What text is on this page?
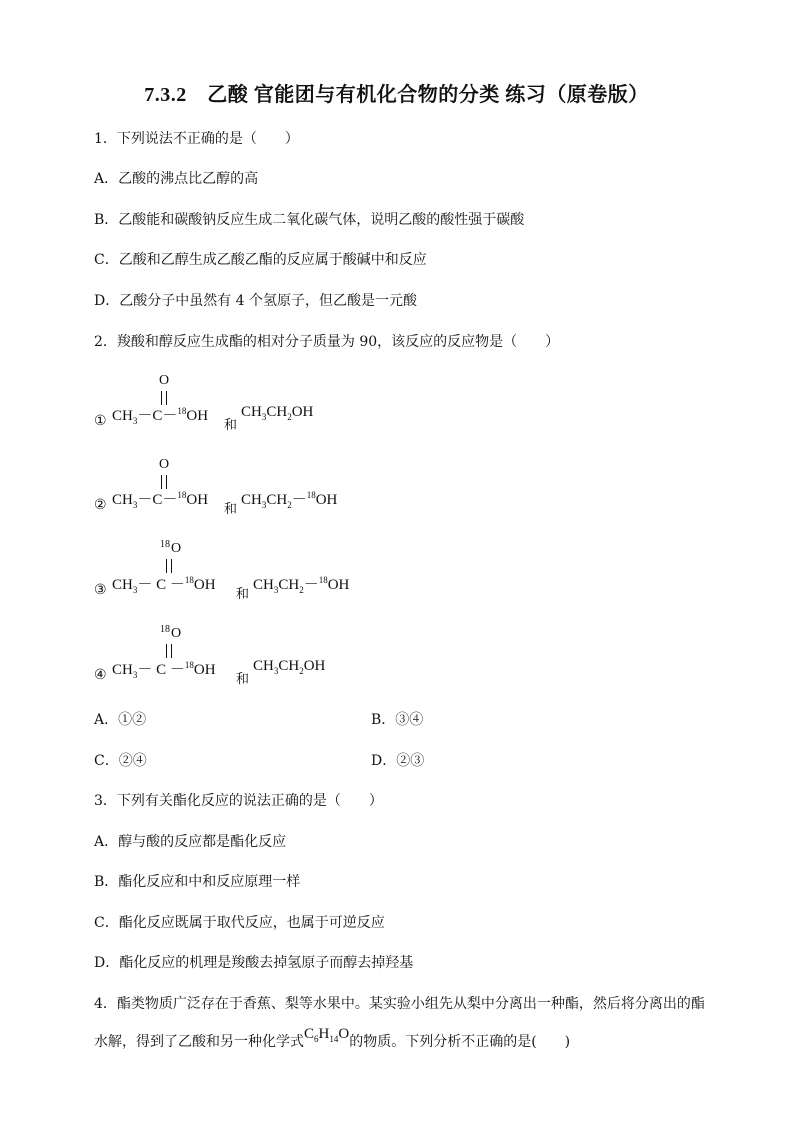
7.3.2　乙酸 官能团与有机化合物的分类 练习（原卷版）
1．下列说法不正确的是（　　）
A．乙酸的沸点比乙醇的高
B．乙酸能和碳酸钠反应生成二氧化碳气体，说明乙酸的酸性强于碳酸
C．乙酸和乙醇生成乙酸乙酯的反应属于酸碱中和反应
D．乙酸分子中虽然有 4 个氢原子，但乙酸是一元酸
2．羧酸和醇反应生成酯的相对分子质量为 90，该反应的反应物是（　　）
①
O
$CH_3-C-^{18}OH$
和
$CH_3CH_2OH$
②
O
$CH_3-C-^{18}OH$
和
$CH_3CH_2-^{18}OH$
③
18 O
$CH_3- C -^{18}OH$
和
$CH_3CH_2-^{18}OH$
④
18 O
$CH_3- C -^{18}OH$
和
$CH_3CH_2OH$
A．①②	B．③④
C．②④	D．②③
3．下列有关酯化反应的说法正确的是（　　）
A．醇与酸的反应都是酯化反应
B．酯化反应和中和反应原理一样
C．酯化反应既属于取代反应，也属于可逆反应
D．酯化反应的机理是羧酸去掉氢原子而醇去掉羟基
4．酯类物质广泛存在于香蕉、梨等水果中。某实验小组先从梨中分离出一种酯，然后将分离出的酯
水解，得到了乙酸和另一种化学式$C_6H_{14}O$的物质。下列分析不正确的是(　　)
